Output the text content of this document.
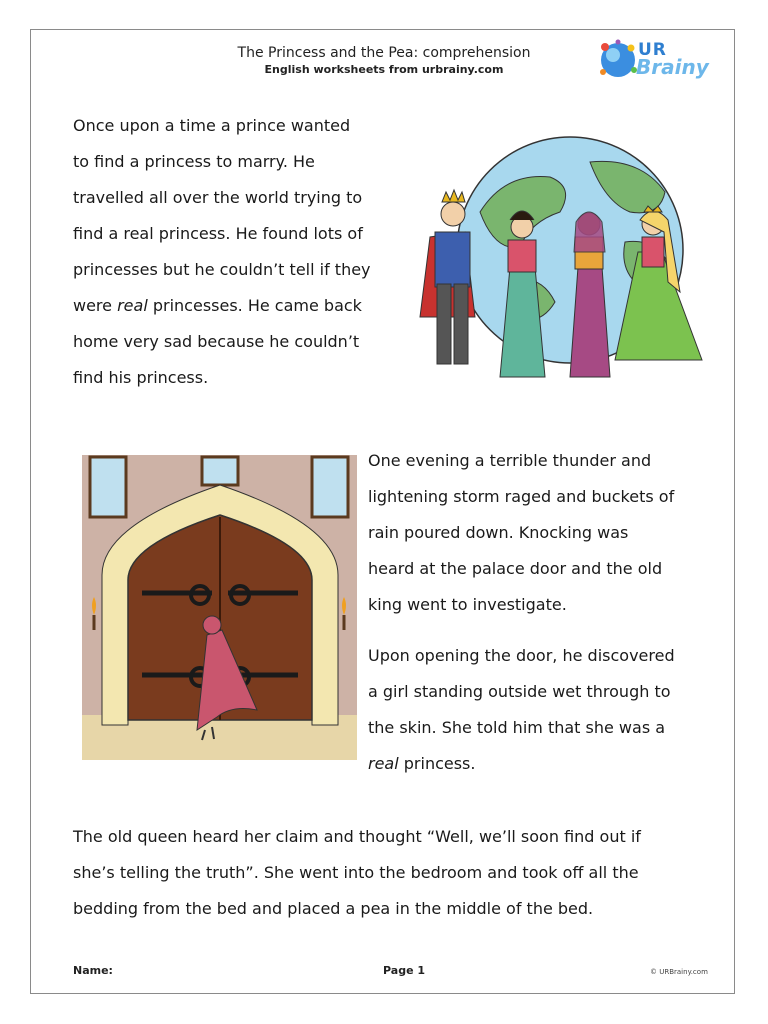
The Princess and the Pea: comprehension
English worksheets from urbrainy.com
UR
Brainy

Once upon a time a prince wanted
to find a princess to marry. He
travelled all over the world trying to
find a real princess. He found lots of
princesses but he couldn’t tell if they
were real princesses. He came back
home very sad because he couldn’t
find his princess.

One evening a terrible thunder and
lightening storm raged and buckets of
rain poured down. Knocking was
heard at the palace door and the old
king went to investigate.

Upon opening the door, he discovered
a girl standing outside wet through to
the skin. She told him that she was a
real princess.

The old queen heard her claim and thought “Well, we’ll soon find out if
she’s telling the truth”. She went into the bedroom and took off all the
bedding from the bed and placed a pea in the middle of the bed.

Name:	Page 1	© URBrainy.com
